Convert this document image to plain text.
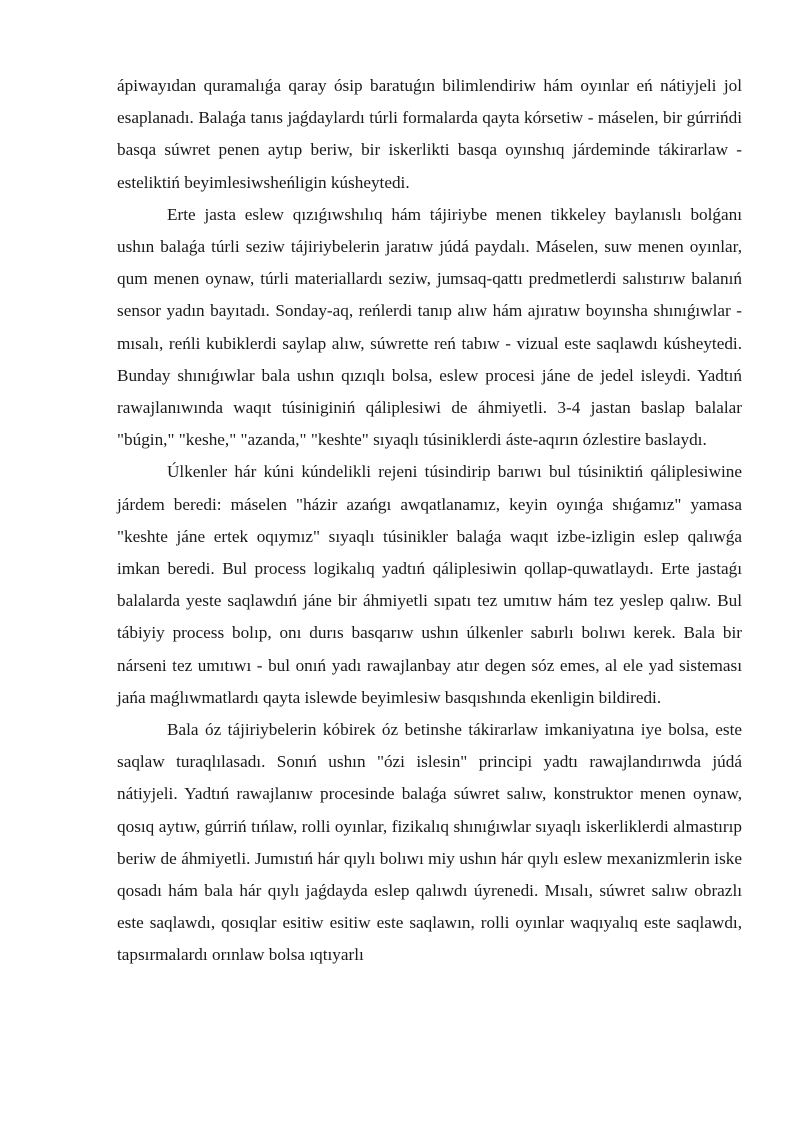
ápiwayıdan quramalıǵa qaray ósip baratuǵın bilimlendiriw hám oyınlar eń nátiyjeli jol esaplanadı. Balaǵa tanıs jaǵdaylardı túrli formalarda qayta kórsetiw - máselen, bir gúrrińdi basqa súwret penen aytıp beriw, bir iskerlikti basqa oyınshıq járdeminde tákirarlaw - esteliktiń beyimlesiwsheńligin kúsheytedi.

Erte jasta eslew qızıǵıwshılıq hám tájiriybe menen tikkeley baylanıslı bolǵanı ushın balaǵa túrli seziw tájiriybelerin jaratıw júdá paydalı. Máselen, suw menen oyınlar, qum menen oynaw, túrli materiallardı seziw, jumsaq-qattı predmetlerdi salıstırıw balanıń sensor yadın bayıtadı. Sonday-aq, reńlerdi tanıp alıw hám ajıratıw boyınsha shınıǵıwlar - mısalı, reńli kubiklerdi saylap alıw, súwrette reń tabıw - vizual este saqlawdı kúsheytedi. Bunday shınıǵıwlar bala ushın qızıqlı bolsa, eslew procesi jáne de jedel isleydi. Yadtıń rawajlanıwında waqıt túsiniginiń qáliplesiwi de áhmiyetli. 3-4 jastan baslap balalar "búgin," "keshe," "azanda," "keshte" sıyaqlı túsiniklerdi áste-aqırın ózlestire baslaydı.

Úlkenler hár kúni kúndelikli rejeni túsindirip barıwı bul túsiniktiń qáliplesiwine járdem beredi: máselen "házir azańgı awqatlanamız, keyin oyınǵa shıǵamız" yamasa "keshte jáne ertek oqıymız" sıyaqlı túsinikler balaǵa waqıt izbe-izligin eslep qalıwǵa imkan beredi. Bul process logikalıq yadtıń qáliplesiwin qollap-quwatlaydı. Erte jastaǵı balalarda yeste saqlawdıń jáne bir áhmiyetli sıpatı tez umıtıw hám tez yeslep qalıw. Bul tábiyiy process bolıp, onı durıs basqarıw ushın úlkenler sabırlı bolıwı kerek. Bala bir nárseni tez umıtıwı - bul onıń yadı rawajlanbay atır degen sóz emes, al ele yad sisteması jańa maǵlıwmatlardı qayta islewde beyimlesiw basqıshında ekenligin bildiredi.

Bala óz tájiriybelerin kóbirek óz betinshe tákirarlaw imkaniyatına iye bolsa, este saqlaw turaqlılasadı. Sonıń ushın "ózi islesin" principi yadtı rawajlandırıwda júdá nátiyjeli. Yadtıń rawajlanıw procesinde balaǵa súwret salıw, konstruktor menen oynaw, qosıq aytıw, gúrriń tıńlaw, rolli oyınlar, fizikalıq shınıǵıwlar sıyaqlı iskerliklerdi almastırıp beriw de áhmiyetli. Jumıstıń hár qıylı bolıwı miy ushın hár qıylı eslew mexanizmlerin iske qosadı hám bala hár qıylı jaǵdayda eslep qalıwdı úyrenedi. Mısalı, súwret salıw obrazlı este saqlawdı, qosıqlar esitiw esitiw este saqlawın, rolli oyınlar waqıyalıq este saqlawdı, tapsırmalardı orınlaw bolsa ıqtıyarlı
